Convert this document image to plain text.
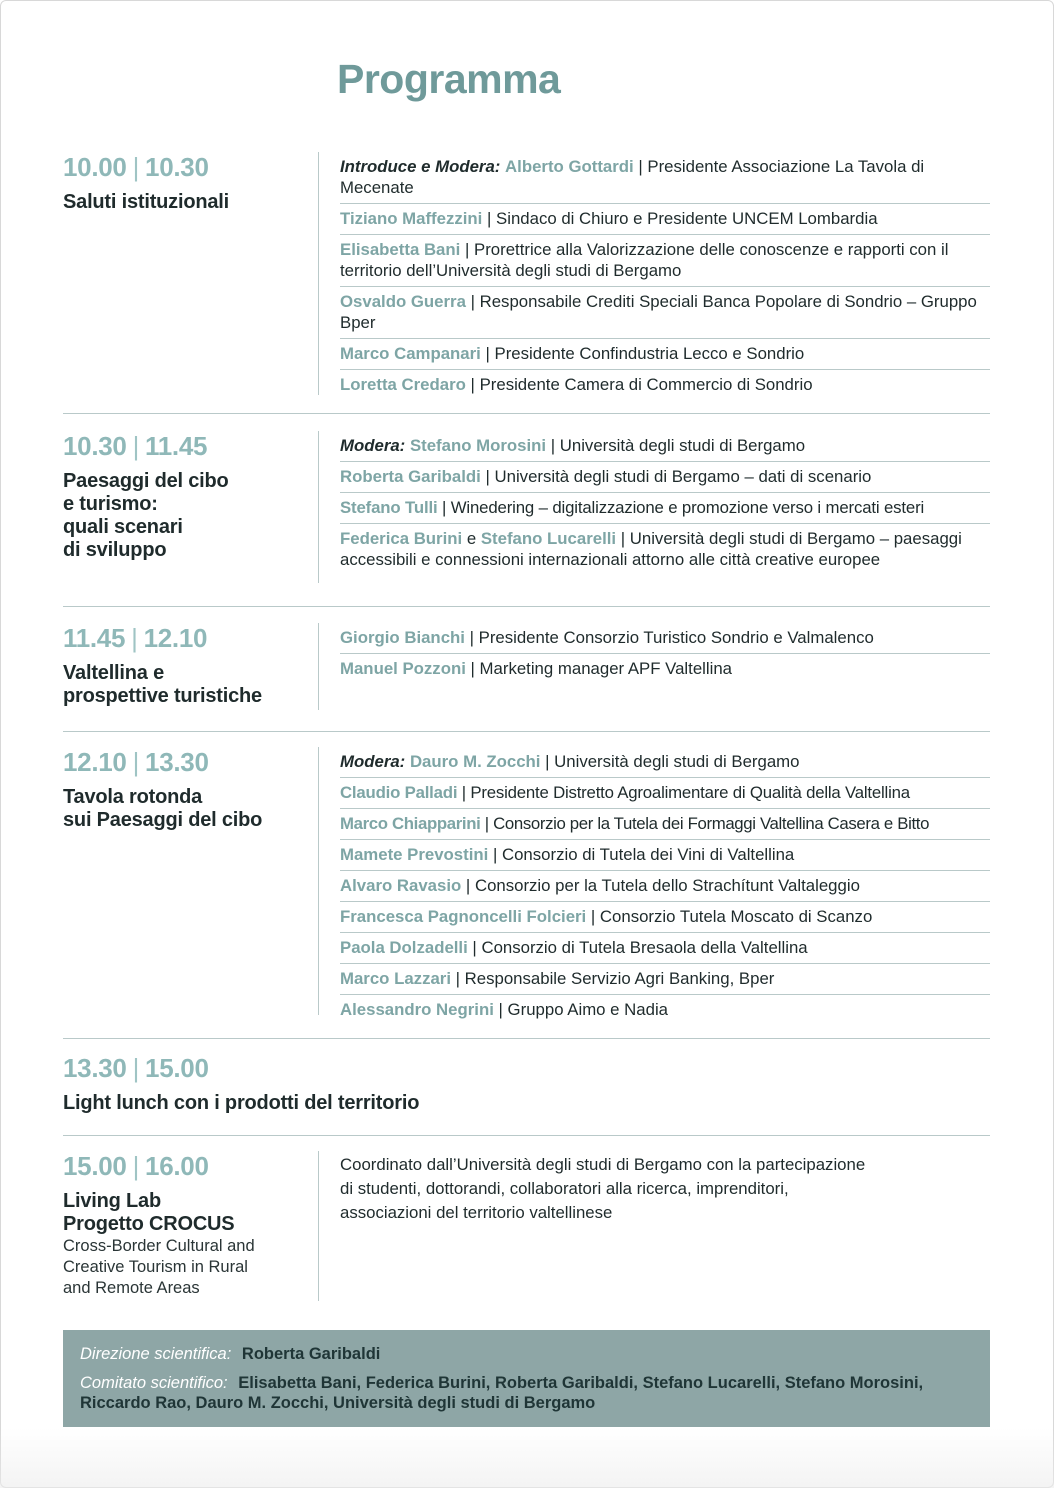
Programma
10.00 | 10.30
Saluti istituzionali
Introduce e Modera: Alberto Gottardi | Presidente Associazione La Tavola di Mecenate
Tiziano Maffezzini | Sindaco di Chiuro e Presidente UNCEM Lombardia
Elisabetta Bani | Prorettrice alla Valorizzazione delle conoscenze e rapporti con il territorio dell’Università degli studi di Bergamo
Osvaldo Guerra | Responsabile Crediti Speciali Banca Popolare di Sondrio – Gruppo Bper
Marco Campanari | Presidente Confindustria Lecco e Sondrio
Loretta Credaro | Presidente Camera di Commercio di Sondrio
10.30 | 11.45
Paesaggi del cibo
e turismo:
quali scenari
di sviluppo
Modera: Stefano Morosini | Università degli studi di Bergamo
Roberta Garibaldi | Università degli studi di Bergamo – dati di scenario
Stefano Tulli | Winedering – digitalizzazione e promozione verso i mercati esteri
Federica Burini e Stefano Lucarelli | Università degli studi di Bergamo – paesaggi accessibili e connessioni internazionali attorno alle città creative europee
11.45 | 12.10
Valtellina e
prospettive turistiche
Giorgio Bianchi | Presidente Consorzio Turistico Sondrio e Valmalenco
Manuel Pozzoni | Marketing manager APF Valtellina
12.10 | 13.30
Tavola rotonda
sui Paesaggi del cibo
Modera: Dauro M. Zocchi | Università degli studi di Bergamo
Claudio Palladi | Presidente Distretto Agroalimentare di Qualità della Valtellina
Marco Chiapparini | Consorzio per la Tutela dei Formaggi Valtellina Casera e Bitto
Mamete Prevostini | Consorzio di Tutela dei Vini di Valtellina
Alvaro Ravasio | Consorzio per la Tutela dello Strachítunt Valtaleggio
Francesca Pagnoncelli Folcieri | Consorzio Tutela Moscato di Scanzo
Paola Dolzadelli | Consorzio di Tutela Bresaola della Valtellina
Marco Lazzari | Responsabile Servizio Agri Banking, Bper
Alessandro Negrini | Gruppo Aimo e Nadia
13.30 | 15.00
Light lunch con i prodotti del territorio
15.00 | 16.00
Living Lab
Progetto CROCUS
Cross-Border Cultural and
Creative Tourism in Rural
and Remote Areas
Coordinato dall’Università degli studi di Bergamo con la partecipazione
di studenti, dottorandi, collaboratori alla ricerca, imprenditori,
associazioni del territorio valtellinese
Direzione scientifica: Roberta Garibaldi
Comitato scientifico: Elisabetta Bani, Federica Burini, Roberta Garibaldi, Stefano Lucarelli, Stefano Morosini, Riccardo Rao, Dauro M. Zocchi, Università degli studi di Bergamo
